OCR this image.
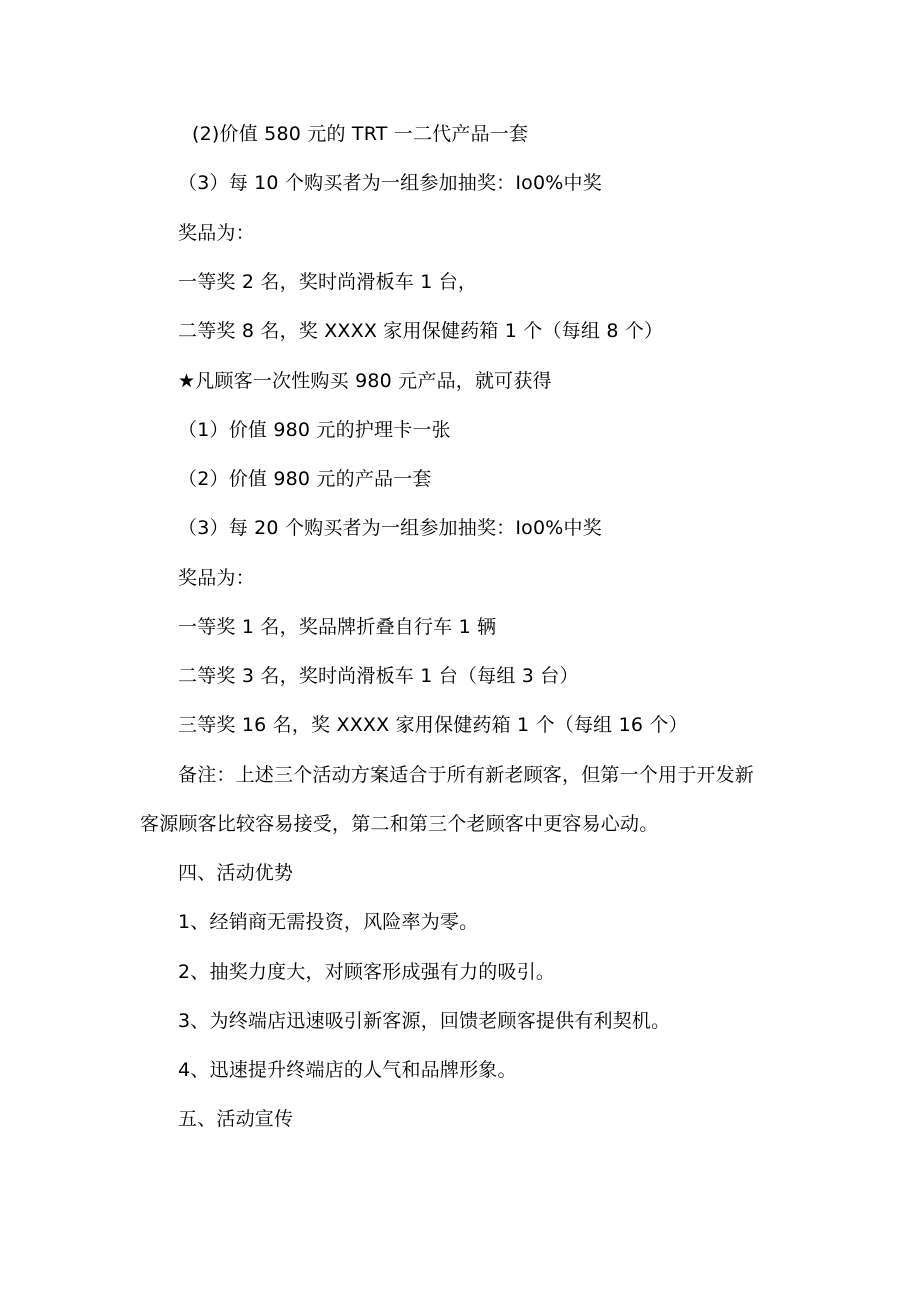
(2)价值 580 元的 TRT 一二代产品一套
（3）每 10 个购买者为一组参加抽奖：Io0%中奖
奖品为：
一等奖 2 名，奖时尚滑板车 1 台，
二等奖 8 名，奖 XXXX 家用保健药箱 1 个（每组 8 个）
★凡顾客一次性购买 980 元产品，就可获得
（1）价值 980 元的护理卡一张
（2）价值 980 元的产品一套
（3）每 20 个购买者为一组参加抽奖：Io0%中奖
奖品为：
一等奖 1 名，奖品牌折叠自行车 1 辆
二等奖 3 名，奖时尚滑板车 1 台（每组 3 台）
三等奖 16 名，奖 XXXX 家用保健药箱 1 个（每组 16 个）
备注：上述三个活动方案适合于所有新老顾客，但第一个用于开发新
客源顾客比较容易接受，第二和第三个老顾客中更容易心动。
四、活动优势
1、经销商无需投资，风险率为零。
2、抽奖力度大，对顾客形成强有力的吸引。
3、为终端店迅速吸引新客源，回馈老顾客提供有利契机。
4、迅速提升终端店的人气和品牌形象。
五、活动宣传
